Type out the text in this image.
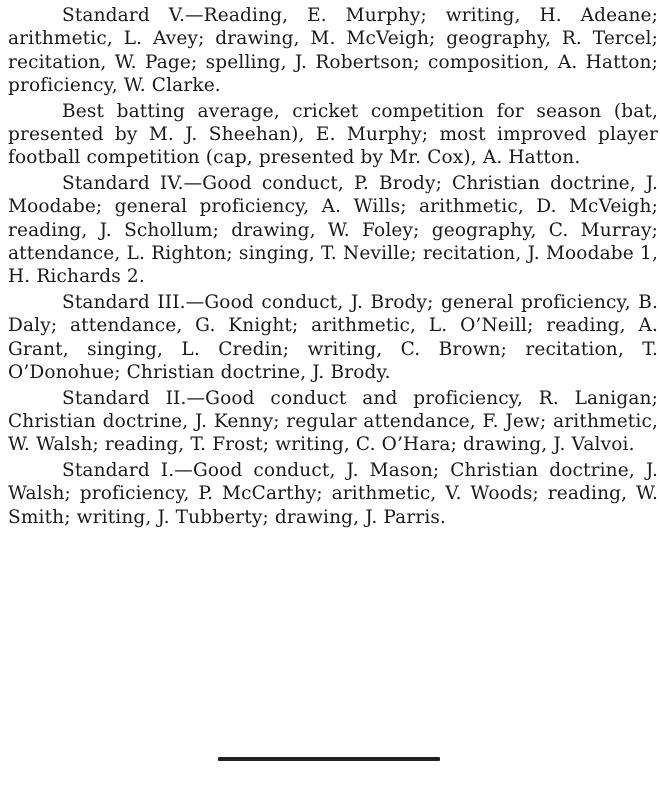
Standard V.—Reading, E. Murphy; writing, H. Adeane; arithmetic, L. Avey; drawing, M. McVeigh; geography, R. Tercel; recitation, W. Page; spelling, J. Robertson; composition, A. Hatton; proficiency, W. Clarke.

Best batting average, cricket competition for season (bat, presented by M. J. Sheehan), E. Murphy; most improved player football competition (cap, presented by Mr. Cox), A. Hatton.

Standard IV.—Good conduct, P. Brody; Christian doctrine, J. Moodabe; general proficiency, A. Wills; arithmetic, D. McVeigh; reading, J. Schollum; drawing, W. Foley; geography, C. Murray; attendance, L. Righton; singing, T. Neville; recitation, J. Moodabe 1, H. Richards 2.

Standard III.—Good conduct, J. Brody; general proficiency, B. Daly; attendance, G. Knight; arithmetic, L. O’Neill; reading, A. Grant, singing, L. Credin; writing, C. Brown; recitation, T. O’Donohue; Christian doctrine, J. Brody.

Standard II.—Good conduct and proficiency, R. Lanigan; Christian doctrine, J. Kenny; regular attendance, F. Jew; arithmetic, W. Walsh; reading, T. Frost; writing, C. O’Hara; drawing, J. Valvoi.

Standard I.—Good conduct, J. Mason; Christian doctrine, J. Walsh; proficiency, P. McCarthy; arithmetic, V. Woods; reading, W. Smith; writing, J. Tubberty; drawing, J. Parris.
